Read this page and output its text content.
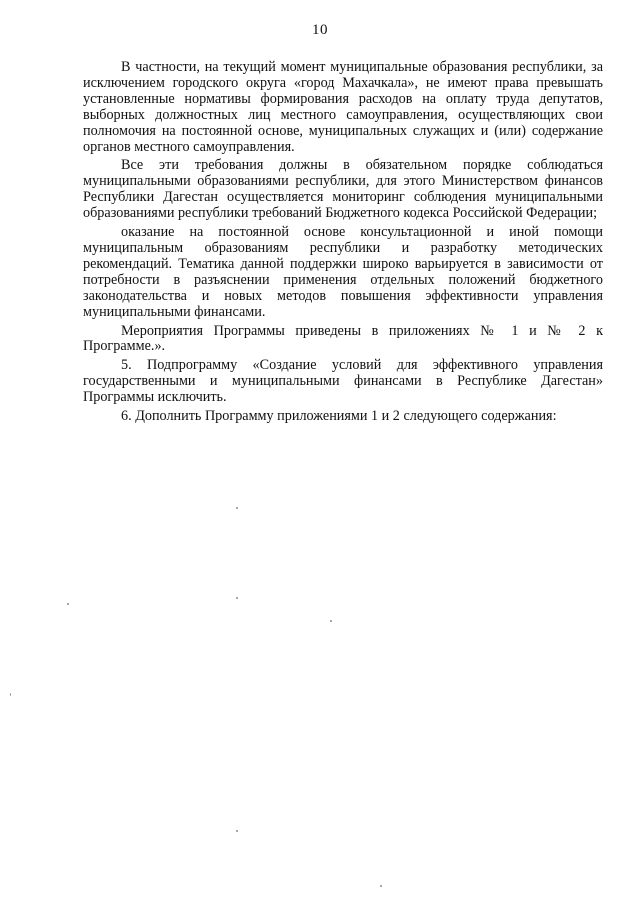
10

В частности, на текущий момент муниципальные образования республики, за исключением городского округа «город Махачкала», не имеют права превышать установленные нормативы формирования расходов на оплату труда депутатов, выборных должностных лиц местного самоуправления, осуществляющих свои полномочия на постоянной основе, муниципальных служащих и (или) содержание органов местного самоуправления.

Все эти требования должны в обязательном порядке соблюдаться муниципальными образованиями республики, для этого Министерством финансов Республики Дагестан осуществляется мониторинг соблюдения муниципальными образованиями республики требований Бюджетного кодекса Российской Федерации;

оказание на постоянной основе консультационной и иной помощи муниципальным образованиям республики и разработку методических рекомендаций. Тематика данной поддержки широко варьируется в зависимости от потребности в разъяснении применения отдельных положений бюджетного законодательства и новых методов повышения эффективности управления муниципальными финансами.

Мероприятия Программы приведены в приложениях № 1 и № 2 к Программе.».

5. Подпрограмму «Создание условий для эффективного управления государственными и муниципальными финансами в Республике Дагестан» Программы исключить.

6. Дополнить Программу приложениями 1 и 2 следующего содержания:
